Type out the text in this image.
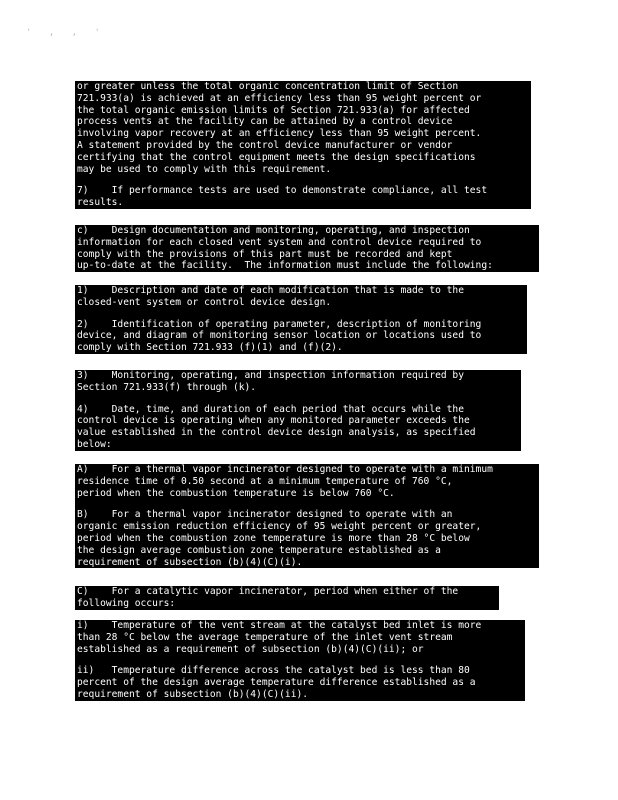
' , , '
or greater unless the total organic concentration limit of Section
721.933(a) is achieved at an efficiency less than 95 weight percent or
the total organic emission limits of Section 721.933(a) for affected
process vents at the facility can be attained by a control device
involving vapor recovery at an efficiency less than 95 weight percent.
A statement provided by the control device manufacturer or vendor
certifying that the control equipment meets the design specifications
may be used to comply with this requirement.
7)    If performance tests are used to demonstrate compliance, all test
results.
c)    Design documentation and monitoring, operating, and inspection
information for each closed vent system and control device required to
comply with the provisions of this part must be recorded and kept
up-to-date at the facility.  The information must include the following:
1)    Description and date of each modification that is made to the
closed-vent system or control device design.
2)    Identification of operating parameter, description of monitoring
device, and diagram of monitoring sensor location or locations used to
comply with Section 721.933 (f)(1) and (f)(2).
3)    Monitoring, operating, and inspection information required by
Section 721.933(f) through (k).
4)    Date, time, and duration of each period that occurs while the
control device is operating when any monitored parameter exceeds the
value established in the control device design analysis, as specified
below:
A)    For a thermal vapor incinerator designed to operate with a minimum
residence time of 0.50 second at a minimum temperature of 760 °C,
period when the combustion temperature is below 760 °C.
B)    For a thermal vapor incinerator designed to operate with an
organic emission reduction efficiency of 95 weight percent or greater,
period when the combustion zone temperature is more than 28 °C below
the design average combustion zone temperature established as a
requirement of subsection (b)(4)(C)(i).
C)    For a catalytic vapor incinerator, period when either of the
following occurs:
i)    Temperature of the vent stream at the catalyst bed inlet is more
than 28 °C below the average temperature of the inlet vent stream
established as a requirement of subsection (b)(4)(C)(ii); or
ii)   Temperature difference across the catalyst bed is less than 80
percent of the design average temperature difference established as a
requirement of subsection (b)(4)(C)(ii).
